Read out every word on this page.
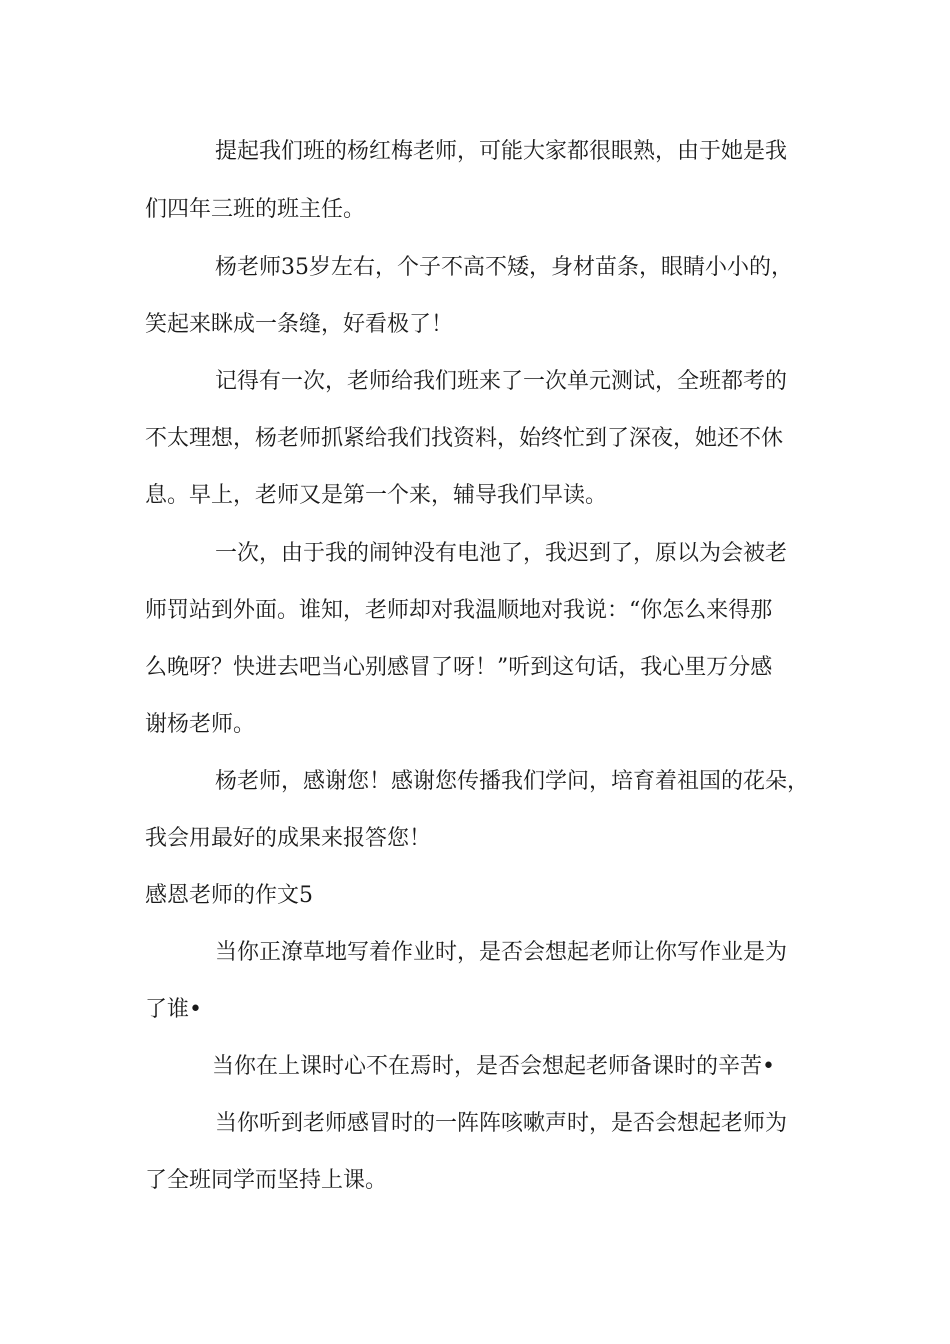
提起我们班的杨红梅老师，可能大家都很眼熟，由于她是我

们四年三班的班主任。

杨老师35岁左右，个子不高不矮，身材苗条，眼睛小小的，

笑起来眯成一条缝，好看极了！

记得有一次，老师给我们班来了一次单元测试，全班都考的

不太理想，杨老师抓紧给我们找资料，始终忙到了深夜，她还不休

息。早上，老师又是第一个来，辅导我们早读。

一次，由于我的闹钟没有电池了，我迟到了，原以为会被老

师罚站到外面。谁知，老师却对我温顺地对我说：“你怎么来得那

么晚呀？快进去吧当心别感冒了呀！”听到这句话，我心里万分感

谢杨老师。

杨老师，感谢您！感谢您传播我们学问，培育着祖国的花朵，

我会用最好的成果来报答您！

感恩老师的作文5

当你正潦草地写着作业时，是否会想起老师让你写作业是为

了谁•

当你在上课时心不在焉时，是否会想起老师备课时的辛苦•

当你听到老师感冒时的一阵阵咳嗽声时，是否会想起老师为

了全班同学而坚持上课。
